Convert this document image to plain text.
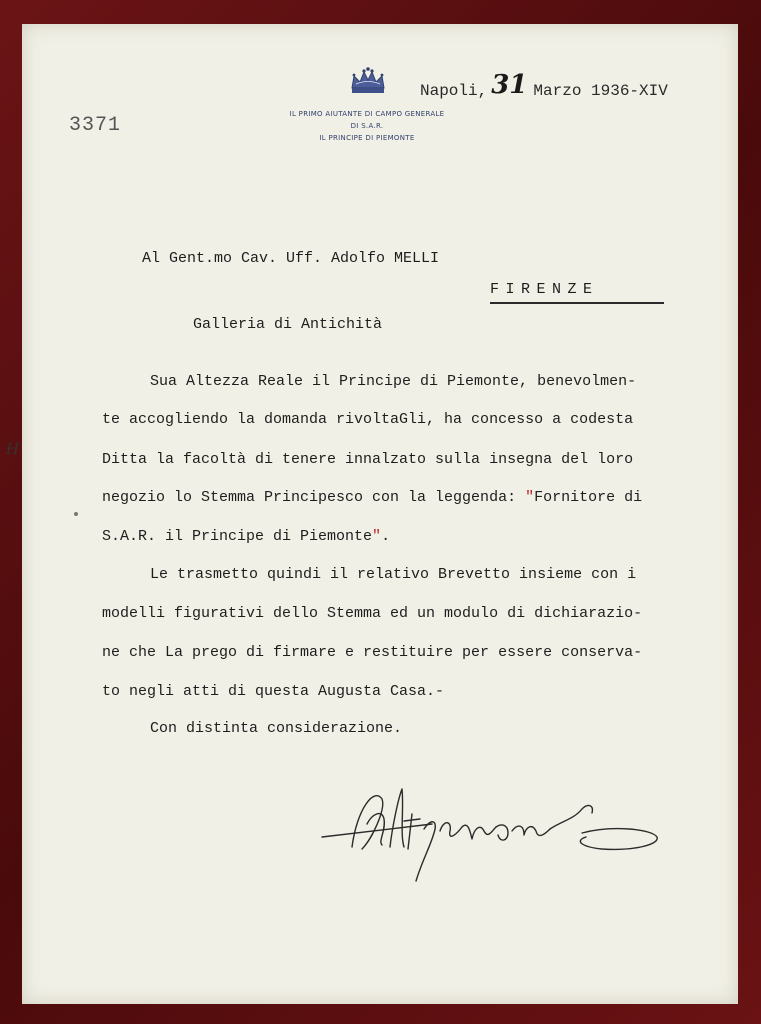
3371	IL PRIMO AIUTANTE DI CAMPO GENERALE
DI S.A.R.
IL PRINCIPE DI PIEMONTE
Napoli, 31 Marzo 1936-XIV

Al Gent.mo Cav. Uff. Adolfo MELLI

Galleria di Antichità

FIRENZE
Sua Altezza Reale il Principe di Piemonte, benevolmen-
te accogliendo la domanda rivoltaGli, ha concesso a codesta
Ditta la facoltà di tenere innalzato sulla insegna del loro
negozio lo Stemma Principesco con la leggenda: "Fornitore di
S.A.R. il Principe di Piemonte".
Le trasmetto quindi il relativo Brevetto insieme con i
modelli figurativi dello Stemma ed un modulo di dichiarazio-
ne che La prego di firmare e restituire per essere conserva-
to negli atti di questa Augusta Casa.-
Con distinta considerazione.
H
